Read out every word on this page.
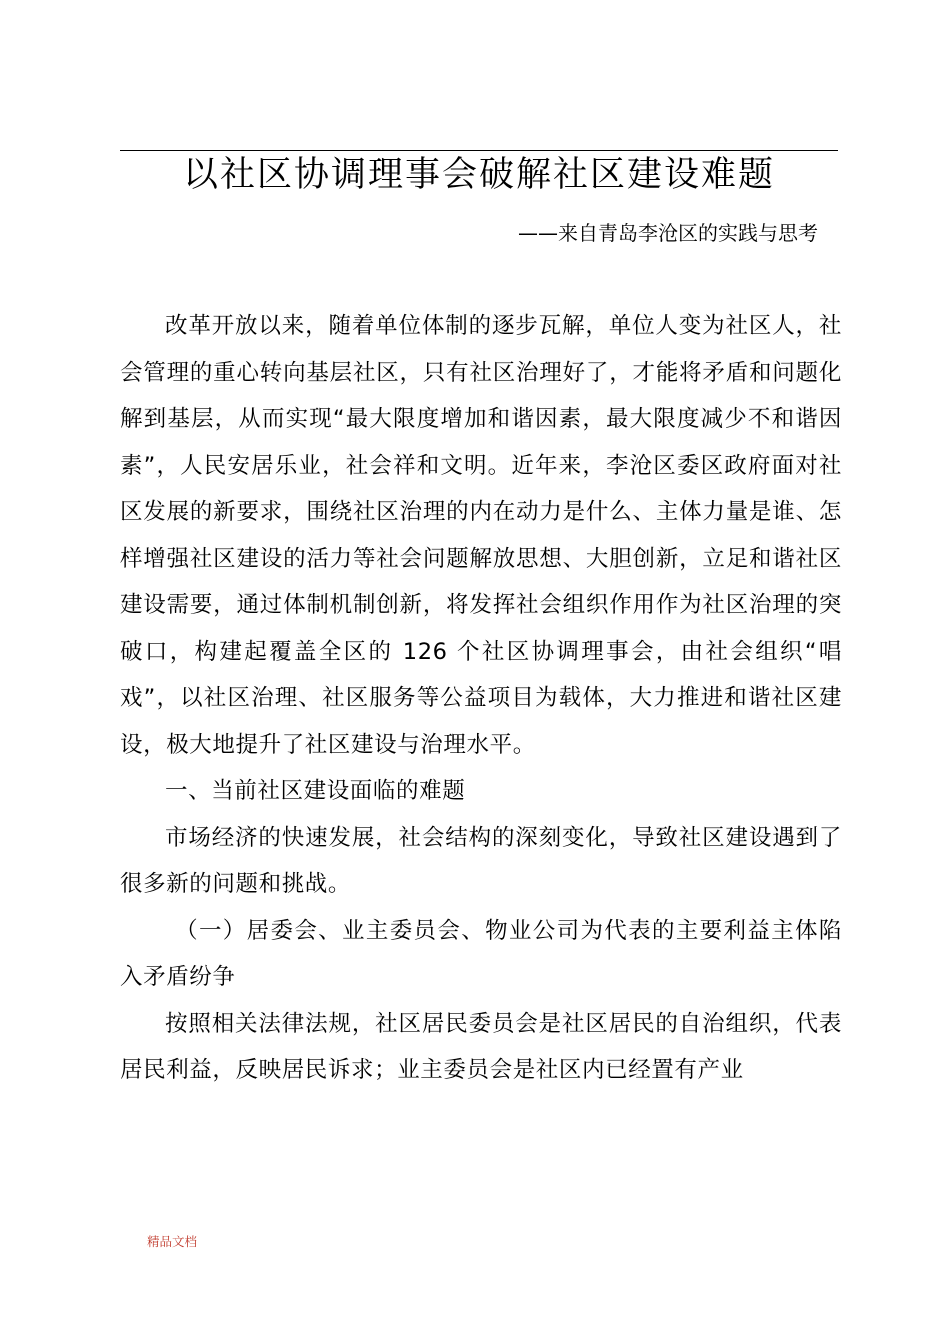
以社区协调理事会破解社区建设难题
——来自青岛李沧区的实践与思考

改革开放以来，随着单位体制的逐步瓦解，单位人变为社区人，社会管理的重心转向基层社区，只有社区治理好了，才能将矛盾和问题化解到基层，从而实现“最大限度增加和谐因素，最大限度减少不和谐因素”，人民安居乐业，社会祥和文明。近年来，李沧区委区政府面对社区发展的新要求，围绕社区治理的内在动力是什么、主体力量是谁、怎样增强社区建设的活力等社会问题解放思想、大胆创新，立足和谐社区建设需要，通过体制机制创新，将发挥社会组织作用作为社区治理的突破口，构建起覆盖全区的 126 个社区协调理事会，由社会组织“唱戏”，以社区治理、社区服务等公益项目为载体，大力推进和谐社区建设，极大地提升了社区建设与治理水平。

一、当前社区建设面临的难题

市场经济的快速发展，社会结构的深刻变化，导致社区建设遇到了很多新的问题和挑战。

（一）居委会、业主委员会、物业公司为代表的主要利益主体陷入矛盾纷争

按照相关法律法规，社区居民委员会是社区居民的自治组织，代表居民利益，反映居民诉求；业主委员会是社区内已经置有产业

精品文档
